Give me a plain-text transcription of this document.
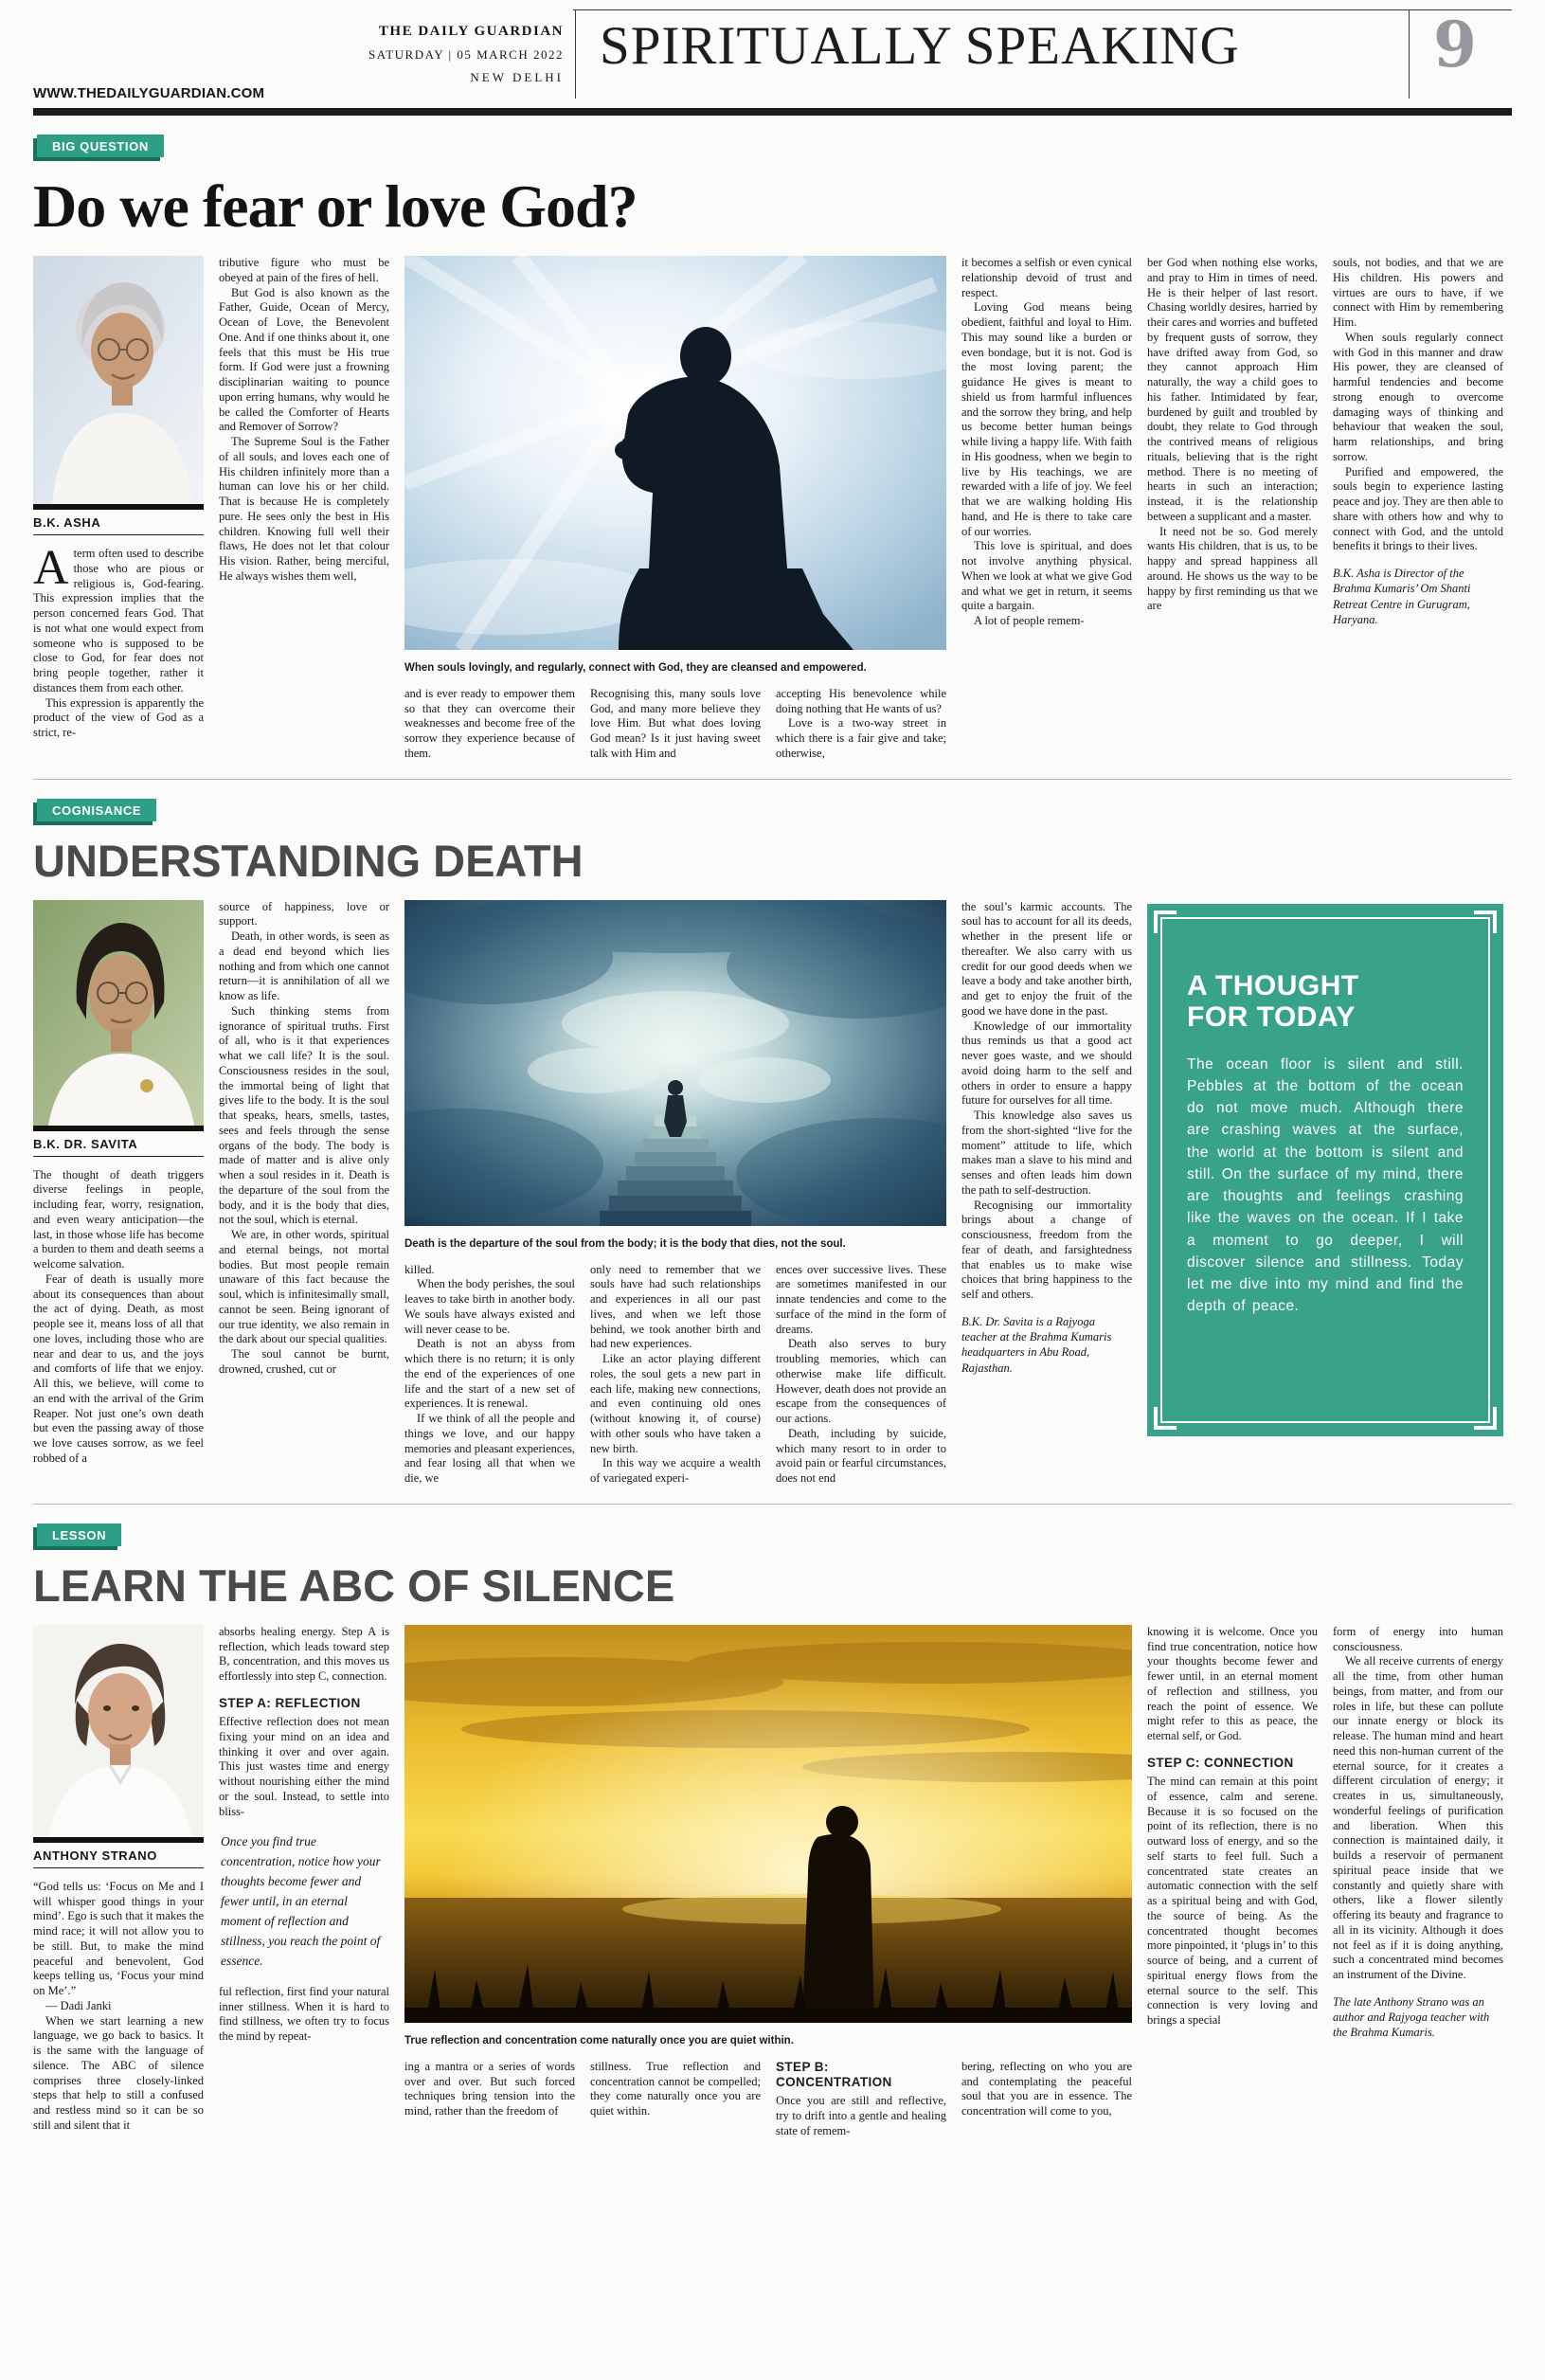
THE DAILY GUARDIAN
SATURDAY | 05 MARCH 2022
NEW DELHI
SPIRITUALLY SPEAKING	9
WWW.THEDAILYGUARDIAN.COM
BIG QUESTION
Do we fear or love God?
B.K. ASHA

Aterm often used to describe those who are pious or religious is, God-fearing. This expression implies that the person concerned fears God. That is not what one would expect from someone who is supposed to be close to God, for fear does not bring people together, rather it distances them from each other.

This expression is apparently the product of the view of God as a strict, re-

tributive figure who must be obeyed at pain of the fires of hell.

But God is also known as the Father, Guide, Ocean of Mercy, Ocean of Love, the Benevolent One. And if one thinks about it, one feels that this must be His true form. If God were just a frowning disciplinarian waiting to pounce upon erring humans, why would he be called the Comforter of Hearts and Remover of Sorrow?

The Supreme Soul is the Father of all souls, and loves each one of His children infinitely more than a human can love his or her child. That is because He is completely pure. He sees only the best in His children. Knowing full well their flaws, He does not let that colour His vision. Rather, being merciful, He always wishes them well,

When souls lovingly, and regularly, connect with God, they are cleansed and empowered.

and is ever ready to empower them so that they can overcome their weaknesses and become free of the sorrow they experience because of them.

Recognising this, many souls love God, and many more believe they love Him. But what does loving God mean? Is it just having sweet talk with Him and

accepting His benevolence while doing nothing that He wants of us?

Love is a two-way street in which there is a fair give and take; otherwise,

it becomes a selfish or even cynical relationship devoid of trust and respect.

Loving God means being obedient, faithful and loyal to Him. This may sound like a burden or even bondage, but it is not. God is the most loving parent; the guidance He gives is meant to shield us from harmful influences and the sorrow they bring, and help us become better human beings while living a happy life. With faith in His goodness, when we begin to live by His teachings, we are rewarded with a life of joy. We feel that we are walking holding His hand, and He is there to take care of our worries.

This love is spiritual, and does not involve anything physical. When we look at what we give God and what we get in return, it seems quite a bargain.

A lot of people remem-

ber God when nothing else works, and pray to Him in times of need. He is their helper of last resort. Chasing worldly desires, harried by their cares and worries and buffeted by frequent gusts of sorrow, they have drifted away from God, so they cannot approach Him naturally, the way a child goes to his father. Intimidated by fear, burdened by guilt and troubled by doubt, they relate to God through the contrived means of religious rituals, believing that is the right method. There is no meeting of hearts in such an interaction; instead, it is the relationship between a supplicant and a master.

It need not be so. God merely wants His children, that is us, to be happy and spread happiness all around. He shows us the way to be happy by first reminding us that we are

souls, not bodies, and that we are His children. His powers and virtues are ours to have, if we connect with Him by remembering Him.

When souls regularly connect with God in this manner and draw His power, they are cleansed of harmful tendencies and become strong enough to overcome damaging ways of thinking and behaviour that weaken the soul, harm relationships, and bring sorrow.

Purified and empowered, the souls begin to experience lasting peace and joy. They are then able to share with others how and why to connect with God, and the untold benefits it brings to their lives.

B.K. Asha is Director of the Brahma Kumaris’ Om Shanti Retreat Centre in Gurugram, Haryana.

COGNISANCE
UNDERSTANDING DEATH
B.K. DR. SAVITA

The thought of death triggers diverse feelings in people, including fear, worry, resignation, and even weary anticipation—the last, in those whose life has become a burden to them and death seems a welcome salvation.

Fear of death is usually more about its consequences than about the act of dying. Death, as most people see it, means loss of all that one loves, including those who are near and dear to us, and the joys and comforts of life that we enjoy. All this, we believe, will come to an end with the arrival of the Grim Reaper. Not just one’s own death but even the passing away of those we love causes sorrow, as we feel robbed of a

source of happiness, love or support.

Death, in other words, is seen as a dead end beyond which lies nothing and from which one cannot return—it is annihilation of all we know as life.

Such thinking stems from ignorance of spiritual truths. First of all, who is it that experiences what we call life? It is the soul. Consciousness resides in the soul, the immortal being of light that gives life to the body. It is the soul that speaks, hears, smells, tastes, sees and feels through the sense organs of the body. The body is made of matter and is alive only when a soul resides in it. Death is the departure of the soul from the body, and it is the body that dies, not the soul, which is eternal.

We are, in other words, spiritual and eternal beings, not mortal bodies. But most people remain unaware of this fact because the soul, which is infinitesimally small, cannot be seen. Being ignorant of our true identity, we also remain in the dark about our special qualities.

The soul cannot be burnt, drowned, crushed, cut or

Death is the departure of the soul from the body; it is the body that dies, not the soul.

killed.

When the body perishes, the soul leaves to take birth in another body. We souls have always existed and will never cease to be.

Death is not an abyss from which there is no return; it is only the end of the experiences of one life and the start of a new set of experiences. It is renewal.

If we think of all the people and things we love, and our happy memories and pleasant experiences, and fear losing all that when we die, we

only need to remember that we souls have had such relationships and experiences in all our past lives, and when we left those behind, we took another birth and had new experiences.

Like an actor playing different roles, the soul gets a new part in each life, making new connections, and even continuing old ones (without knowing it, of course) with other souls who have taken a new birth.

In this way we acquire a wealth of variegated experi-

ences over successive lives. These are sometimes manifested in our innate tendencies and come to the surface of the mind in the form of dreams.

Death also serves to bury troubling memories, which can otherwise make life difficult. However, death does not provide an escape from the consequences of our actions.

Death, including by suicide, which many resort to in order to avoid pain or fearful circumstances, does not end

the soul’s karmic accounts. The soul has to account for all its deeds, whether in the present life or thereafter. We also carry with us credit for our good deeds when we leave a body and take another birth, and get to enjoy the fruit of the good we have done in the past.

Knowledge of our immortality thus reminds us that a good act never goes waste, and we should avoid doing harm to the self and others in order to ensure a happy future for ourselves for all time.

This knowledge also saves us from the short-sighted “live for the moment” attitude to life, which makes man a slave to his mind and senses and often leads him down the path to self-destruction.

Recognising our immortality brings about a change of consciousness, freedom from the fear of death, and farsightedness that enables us to make wise choices that bring happiness to the self and others.

B.K. Dr. Savita is a Rajyoga teacher at the Brahma Kumaris headquarters in Abu Road, Rajasthan.

A THOUGHT
FOR TODAY
The ocean floor is silent and still. Pebbles at the bottom of the ocean do not move much. Although there are crashing waves at the surface, the world at the bottom is silent and still. On the surface of my mind, there are thoughts and feelings crashing like the waves on the ocean. If I take a moment to go deeper, I will discover silence and stillness. Today let me dive into my mind and find the depth of peace.
LESSON
LEARN THE ABC OF SILENCE
ANTHONY STRANO

“God tells us: ‘Focus on Me and I will whisper good things in your mind’. Ego is such that it makes the mind race; it will not allow you to be still. But, to make the mind peaceful and benevolent, God keeps telling us, ‘Focus your mind on Me’.”

— Dadi Janki

When we start learning a new language, we go back to basics. It is the same with the language of silence. The ABC of silence comprises three closely-linked steps that help to still a confused and restless mind so it can be so still and silent that it

absorbs healing energy. Step A is reflection, which leads toward step B, concentration, and this moves us effortlessly into step C, connection.

STEP A: REFLECTION

Effective reflection does not mean fixing your mind on an idea and thinking it over and over again. This just wastes time and energy without nourishing either the mind or the soul. Instead, to settle into bliss-

Once you find true concentration, notice how your thoughts become fewer and fewer until, in an eternal moment of reflection and stillness, you reach the point of essence.

ful reflection, first find your natural inner stillness. When it is hard to find stillness, we often try to focus the mind by repeat-	True reflection and concentration come naturally once you are quiet within.

ing a mantra or a series of words over and over. But such forced techniques bring tension into the mind, rather than the freedom of

stillness. True reflection and concentration cannot be compelled; they come naturally once you are quiet within.

STEP B: CONCENTRATION

Once you are still and reflective, try to drift into a gentle and healing state of remem-

bering, reflecting on who you are and contemplating the peaceful soul that you are in essence. The concentration will come to you,

knowing it is welcome. Once you find true concentration, notice how your thoughts become fewer and fewer until, in an eternal moment of reflection and stillness, you reach the point of essence. We might refer to this as peace, the eternal self, or God.

STEP C: CONNECTION

The mind can remain at this point of essence, calm and serene. Because it is so focused on the point of its reflection, there is no outward loss of energy, and so the self starts to feel full. Such a concentrated state creates an automatic connection with the self as a spiritual being and with God, the source of being. As the concentrated thought becomes more pinpointed, it ‘plugs in’ to this source of being, and a current of spiritual energy flows from the eternal source to the self. This connection is very loving and brings a special

form of energy into human consciousness.

We all receive currents of energy all the time, from other human beings, from matter, and from our roles in life, but these can pollute our innate energy or block its release. The human mind and heart need this non-human current of the eternal source, for it creates a different circulation of energy; it creates in us, simultaneously, wonderful feelings of purification and liberation. When this connection is maintained daily, it builds a reservoir of permanent spiritual peace inside that we constantly and quietly share with others, like a flower silently offering its beauty and fragrance to all in its vicinity. Although it does not feel as if it is doing anything, such a concentrated mind becomes an instrument of the Divine.

The late Anthony Strano was an author and Rajyoga teacher with the Brahma Kumaris.
